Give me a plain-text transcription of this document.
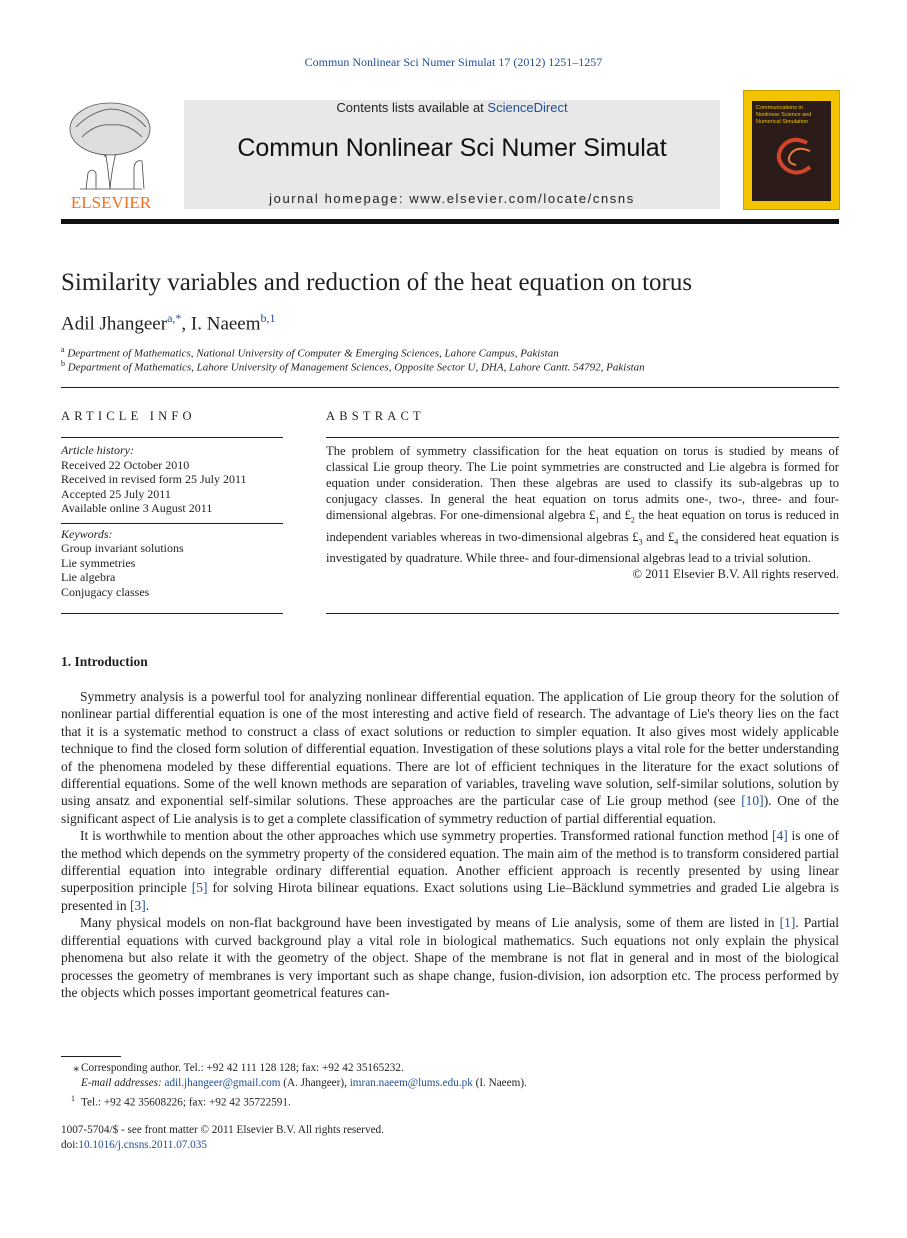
Commun Nonlinear Sci Numer Simulat 17 (2012) 1251–1257
ELSEVIER
Contents lists available at ScienceDirect
Commun Nonlinear Sci Numer Simulat
journal homepage: www.elsevier.com/locate/cnsns
Communications in Nonlinear Science and Numerical Simulation
Similarity variables and reduction of the heat equation on torus
Adil Jhangeer$^{a,*}$, I. Naeem$^{b,1}$
$^a$ Department of Mathematics, National University of Computer & Emerging Sciences, Lahore Campus, Pakistan
$^b$ Department of Mathematics, Lahore University of Management Sciences, Opposite Sector U, DHA, Lahore Cantt. 54792, Pakistan
ARTICLE INFO
Article history:
Received 22 October 2010
Received in revised form 25 July 2011
Accepted 25 July 2011
Available online 3 August 2011
Keywords:
Group invariant solutions
Lie symmetries
Lie algebra
Conjugacy classes
ABSTRACT
The problem of symmetry classification for the heat equation on torus is studied by means of classical Lie group theory. The Lie point symmetries are constructed and Lie algebra is formed for equation under consideration. Then these algebras are used to classify its sub-algebras up to conjugacy classes. In general the heat equation on torus admits one-, two-, three- and four-dimensional algebras. For one-dimensional algebra $£_1$ and $£_2$ the heat equation on torus is reduced in independent variables whereas in two-dimensional algebras $£_3$ and $£_4$ the considered heat equation is investigated by quadrature. While three- and four-dimensional algebras lead to a trivial solution.
© 2011 Elsevier B.V. All rights reserved.
1. Introduction

Symmetry analysis is a powerful tool for analyzing nonlinear differential equation. The application of Lie group theory for the solution of nonlinear partial differential equation is one of the most interesting and active field of research. The advantage of Lie's theory lies on the fact that it is a systematic method to construct a class of exact solutions or reduction to simpler equation. It also gives most widely applicable technique to find the closed form solution of differential equation. Investigation of these solutions plays a vital role for the better understanding of the phenomena modeled by these differential equations. There are lot of efficient techniques in the literature for the exact solutions of differential equations. Some of the well known methods are separation of variables, traveling wave solution, self-similar solutions, solution by using ansatz and exponential self-similar solutions. These approaches are the particular case of Lie group method (see [10]). One of the significant aspect of Lie analysis is to get a complete classification of symmetry reduction of partial differential equation.

It is worthwhile to mention about the other approaches which use symmetry properties. Transformed rational function method [4] is one of the method which depends on the symmetry property of the considered equation. The main aim of the method is to transform considered partial differential equation into integrable ordinary differential equation. Another efficient approach is recently presented by using linear superposition principle [5] for solving Hirota bilinear equations. Exact solutions using Lie–Bäcklund symmetries and graded Lie algebra is presented in [3].

Many physical models on non-flat background have been investigated by means of Lie analysis, some of them are listed in [1]. Partial differential equations with curved background play a vital role in biological mathematics. Such equations not only explain the physical phenomena but also relate it with the geometry of the object. Shape of the membrane is not flat in general and in most of the biological processes the geometry of membranes is very important such as shape change, fusion-division, ion adsorption etc. The process performed by the objects which posses important geometrical features can-

⁎ Corresponding author. Tel.: +92 42 111 128 128; fax: +92 42 35165232.
E-mail addresses: adil.jhangeer@gmail.com (A. Jhangeer), imran.naeem@lums.edu.pk (I. Naeem).
1 Tel.: +92 42 35608226; fax: +92 42 35722591.
1007-5704/$ - see front matter © 2011 Elsevier B.V. All rights reserved.
doi:10.1016/j.cnsns.2011.07.035
